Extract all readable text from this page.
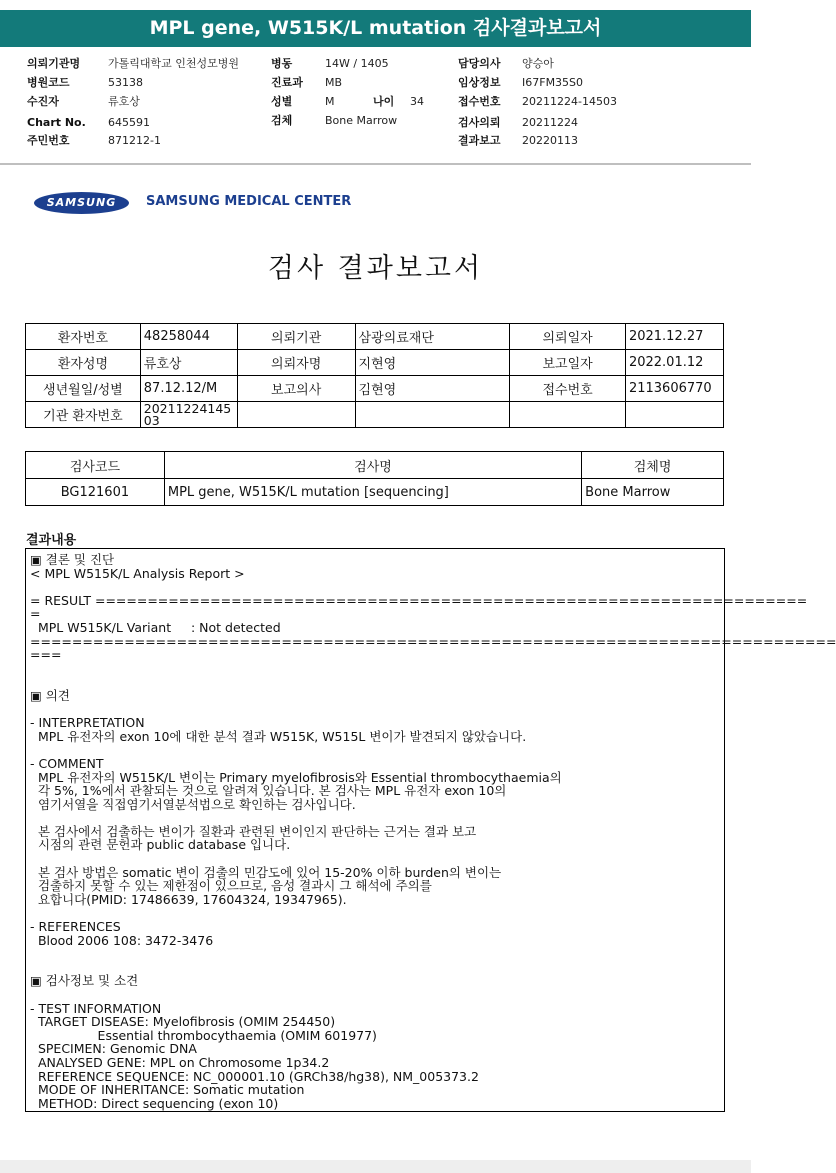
MPL gene, W515K/L mutation 검사결과보고서
의뢰기관명	가톨릭대학교 인천성모병원
병원코드	53138
수진자	류호상
Chart No. 645591
주민번호	871212-1
병동	14W / 1405
진료과 MB
성별	M	나이 34
검체	Bone Marrow
담당의사 양승아
임상정보 I67FM35S0
접수번호 20211224-14503
검사의뢰 20211224
결과보고 20220113
SAMSUNG	SAMSUNG MEDICAL CENTER
검사 결과보고서
환자번호	48258044	의뢰기관	삼광의료재단	의뢰일자	2021.12.27
환자성명	류호상	의뢰자명	지현영	보고일자	2022.01.12
생년월일/성별	87.12.12/M	보고의사	김현영	접수번호	2113606770
기관 환자번호	20211224145
03				
검사코드	검사명	검체명
BG121601	MPL gene, W515K/L mutation [sequencing]	Bone Marrow
결과내용
▣ 결론 및 진단
< MPL W515K/L Analysis Report >

= RESULT ====================================================================
=
MPL W515K/L Variant     : Not detected
=============================================================================
===

▣ 의견

- INTERPRETATION
MPL 유전자의 exon 10에 대한 분석 결과 W515K, W515L 변이가 발견되지 않았습니다.

- COMMENT
MPL 유전자의 W515K/L 변이는 Primary myelofibrosis와 Essential thrombocythaemia의
각 5%, 1%에서 관찰되는 것으로 알려져 있습니다. 본 검사는 MPL 유전자 exon 10의
염기서열을 직접염기서열분석법으로 확인하는 검사입니다.

본 검사에서 검출하는 변이가 질환과 관련된 변이인지 판단하는 근거는 결과 보고
시점의 관련 문헌과 public database 입니다.

본 검사 방법은 somatic 변이 검출의 민감도에 있어 15-20% 이하 burden의 변이는
검출하지 못할 수 있는 제한점이 있으므로, 음성 결과시 그 해석에 주의를
요합니다(PMID: 17486639, 17604324, 19347965).

- REFERENCES
Blood 2006 108: 3472-3476

▣ 검사정보 및 소견

- TEST INFORMATION
TARGET DISEASE: Myelofibrosis (OMIM 254450)
Essential thrombocythaemia (OMIM 601977)
SPECIMEN: Genomic DNA
ANALYSED GENE: MPL on Chromosome 1p34.2
REFERENCE SEQUENCE: NC_000001.10 (GRCh38/hg38), NM_005373.2
MODE OF INHERITANCE: Somatic mutation
METHOD: Direct sequencing (exon 10)
